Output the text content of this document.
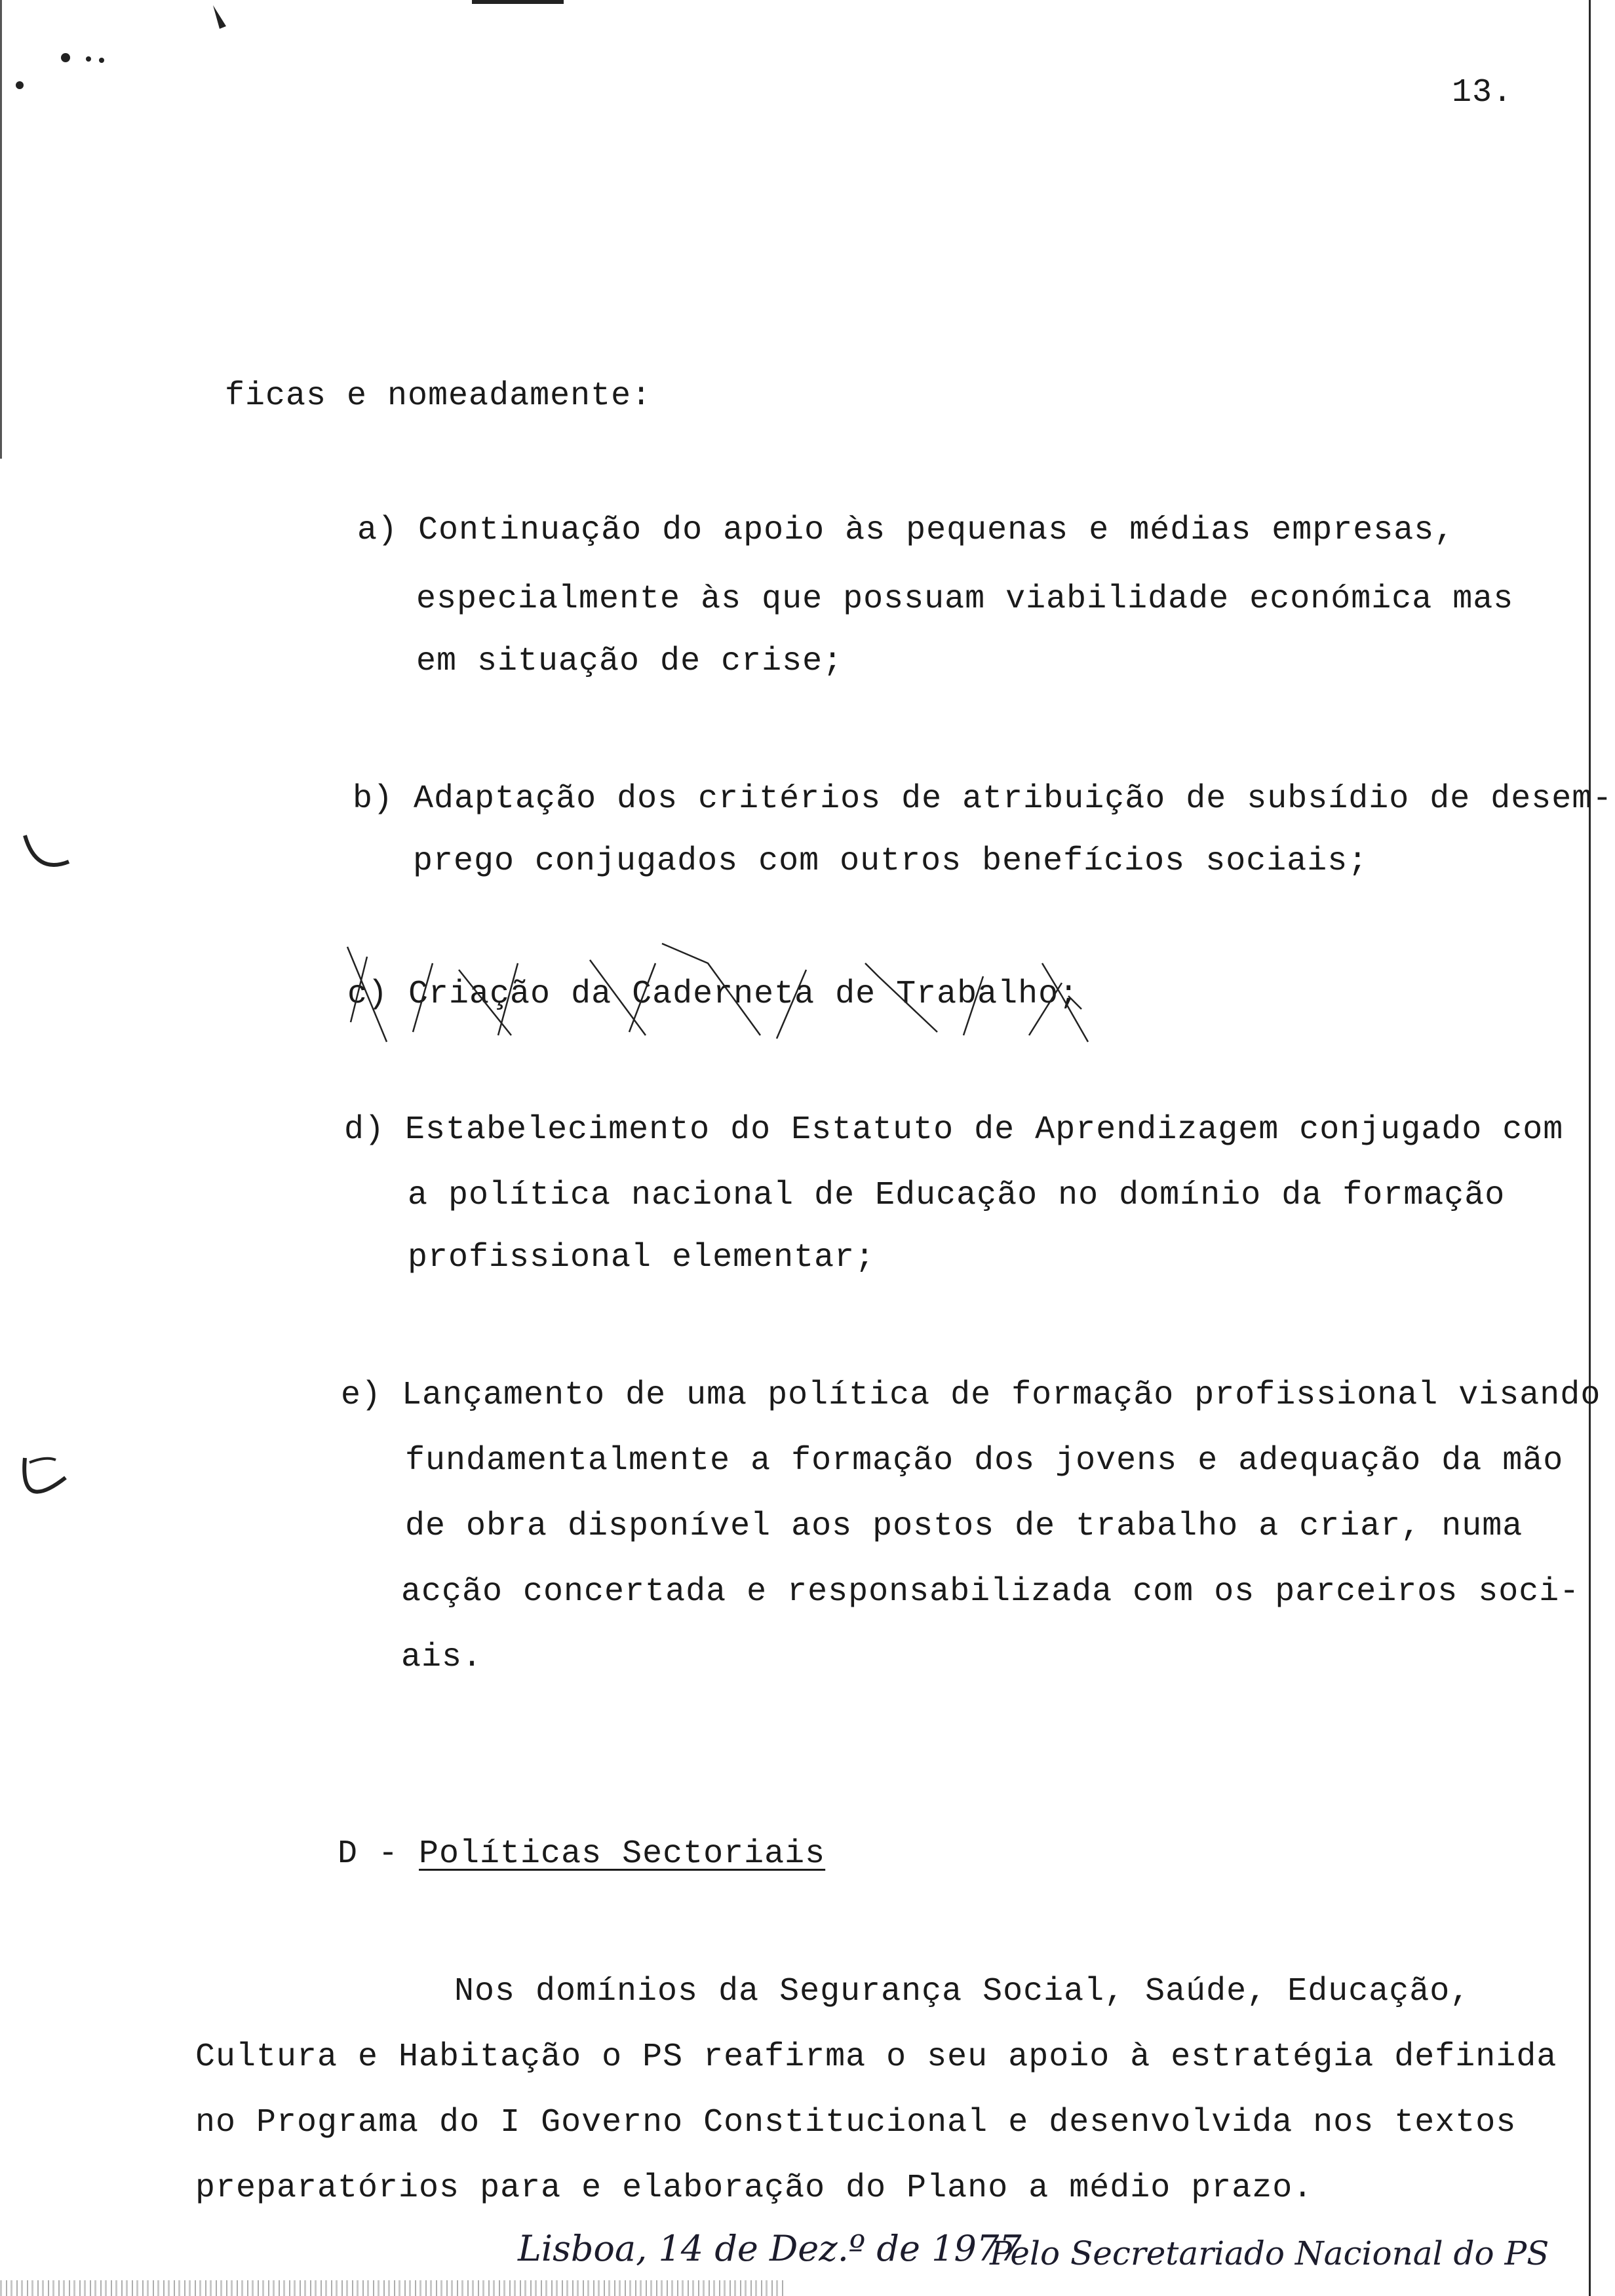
13.
ficas e nomeadamente:
a) Continuação do apoio às pequenas e médias empresas,
especialmente às que possuam viabilidade económica mas
em situação de crise;
b) Adaptação dos critérios de atribuição de subsídio de desem-
prego conjugados com outros benefícios sociais;
c) Criação da Caderneta de Trabalho;
d) Estabelecimento do Estatuto de Aprendizagem conjugado com
a política nacional de Educação no domínio da formação
profissional elementar;
e) Lançamento de uma política de formação profissional visando
fundamentalmente a formação dos jovens e adequação da mão
de obra disponível aos postos de trabalho a criar, numa
acção concertada e responsabilizada com os parceiros soci-
ais.
D - Políticas Sectoriais
Nos domínios da Segurança Social, Saúde, Educação,
Cultura e Habitação o PS reafirma o seu apoio à estratégia definida
no Programa do I Governo Constitucional e desenvolvida nos textos
preparatórios para e elaboração do Plano a médio prazo.
Lisboa, 14 de Dez.º de 1977
Pelo Secretariado Nacional do PS
